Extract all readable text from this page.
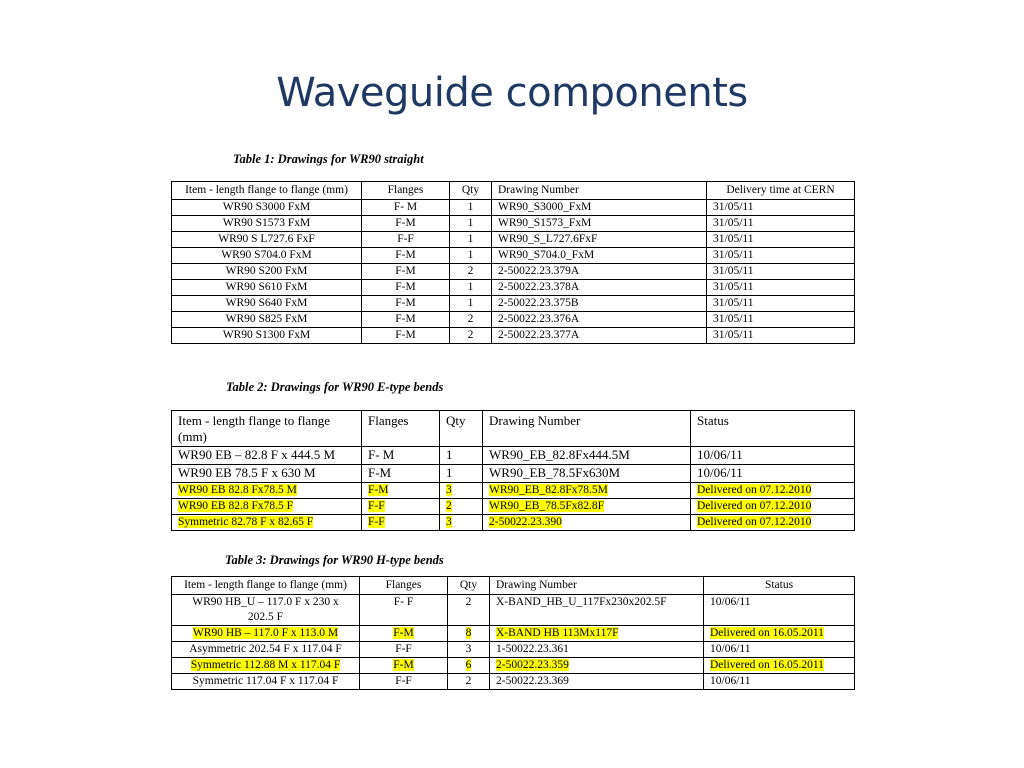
Waveguide components
Table 1: Drawings for WR90 straight
Item - length flange to flange (mm)	Flanges	Qty	Drawing Number	Delivery time at CERN
WR90 S3000 FxM	F- M	1	WR90_S3000_FxM	31/05/11
WR90 S1573 FxM	F-M	1	WR90_S1573_FxM	31/05/11
WR90 S L727.6 FxF	F-F	1	WR90_S_L727.6FxF	31/05/11
WR90 S704.0 FxM	F-M	1	WR90_S704.0_FxM	31/05/11
WR90 S200 FxM	F-M	2	2-50022.23.379A	31/05/11
WR90 S610 FxM	F-M	1	2-50022.23.378A	31/05/11
WR90 S640 FxM	F-M	1	2-50022.23.375B	31/05/11
WR90 S825 FxM	F-M	2	2-50022.23.376A	31/05/11
WR90 S1300 FxM	F-M	2	2-50022.23.377A	31/05/11
Table 2: Drawings for WR90 E-type bends
Item - length flange to flange (mm)	Flanges	Qty	Drawing Number	Status
WR90 EB – 82.8 F x 444.5 M	F- M	1	WR90_EB_82.8Fx444.5M	10/06/11
WR90 EB 78.5 F x 630 M	F-M	1	WR90_EB_78.5Fx630M	10/06/11
WR90 EB 82.8 Fx78.5 M	F-M	3	WR90_EB_82.8Fx78.5M	Delivered on 07.12.2010
WR90 EB 82.8 Fx78.5 F	F-F	2	WR90_EB_78.5Fx82.8F	Delivered on 07.12.2010
Symmetric 82.78 F x 82.65 F	F-F	3	2-50022.23.390	Delivered on 07.12.2010
Table 3: Drawings for WR90 H-type bends
Item - length flange to flange (mm)	Flanges	Qty	Drawing Number	Status
WR90 HB_U – 117.0 F x 230 x 202.5 F	F- F	2	X-BAND_HB_U_117Fx230x202.5F	10/06/11
WR90 HB – 117.0 F x 113.0 M	F-M	8	X-BAND HB 113Mx117F	Delivered on 16.05.2011
Asymmetric 202.54 F x 117.04 F	F-F	3	1-50022.23.361	10/06/11
Symmetric 112.88 M x 117.04 F	F-M	6	2-50022.23.359	Delivered on 16.05.2011
Symmetric 117.04 F x 117.04 F	F-F	2	2-50022.23.369	10/06/11
